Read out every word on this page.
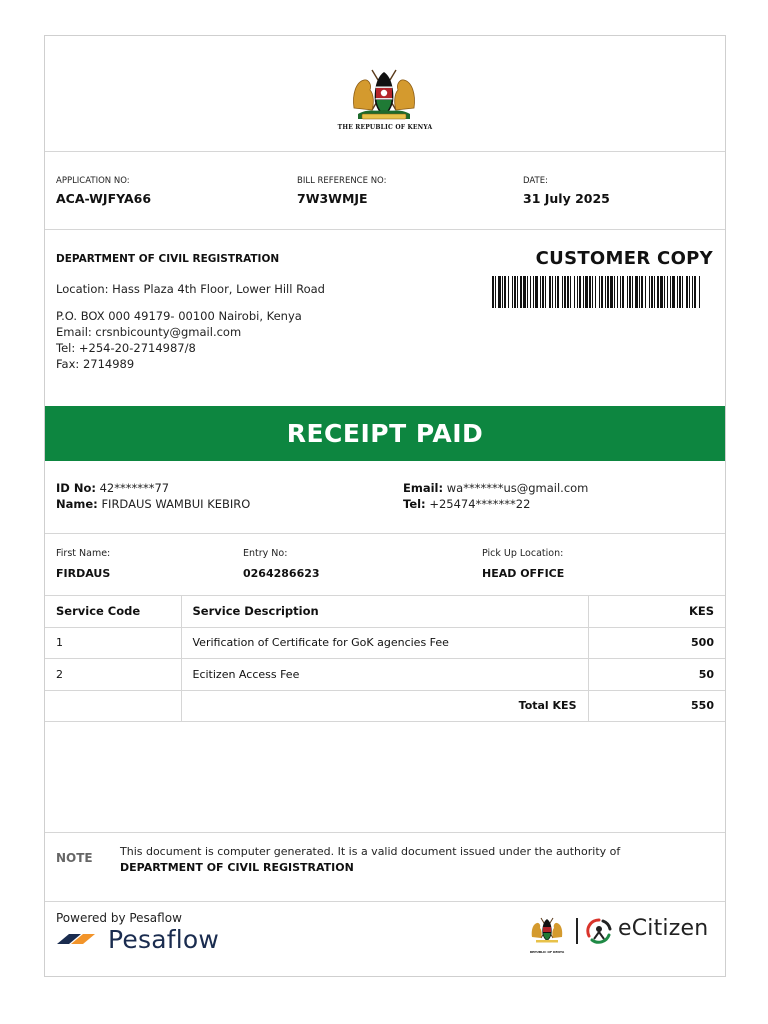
THE REPUBLIC OF KENYA
APPLICATION NO:
ACA-WJFYA66
BILL REFERENCE NO:
7W3WMJE
DATE:
31 July 2025
DEPARTMENT OF CIVIL REGISTRATION
Location: Hass Plaza 4th Floor, Lower Hill Road
P.O. BOX 000 49179- 00100 Nairobi, Kenya
Email: crsnbicounty@gmail.com
Tel: +254-20-2714987/8
Fax: 2714989
CUSTOMER COPY
RECEIPT PAID
ID No: 42*******77
Name: FIRDAUS WAMBUI KEBIRO
Email: wa*******us@gmail.com
Tel: +25474*******22
First Name:
FIRDAUS
Entry No:
0264286623
Pick Up Location:
HEAD OFFICE
Service Code	Service Description	KES
1	Verification of Certificate for GoK agencies Fee	500
2	Ecitizen Access Fee	50
	Total KES	550
NOTE This document is computer generated. It is a valid document issued under the authority of
DEPARTMENT OF CIVIL REGISTRATION
Powered by Pesaflow
Pesaflow	REPUBLIC OF KENYA
eCitizen
